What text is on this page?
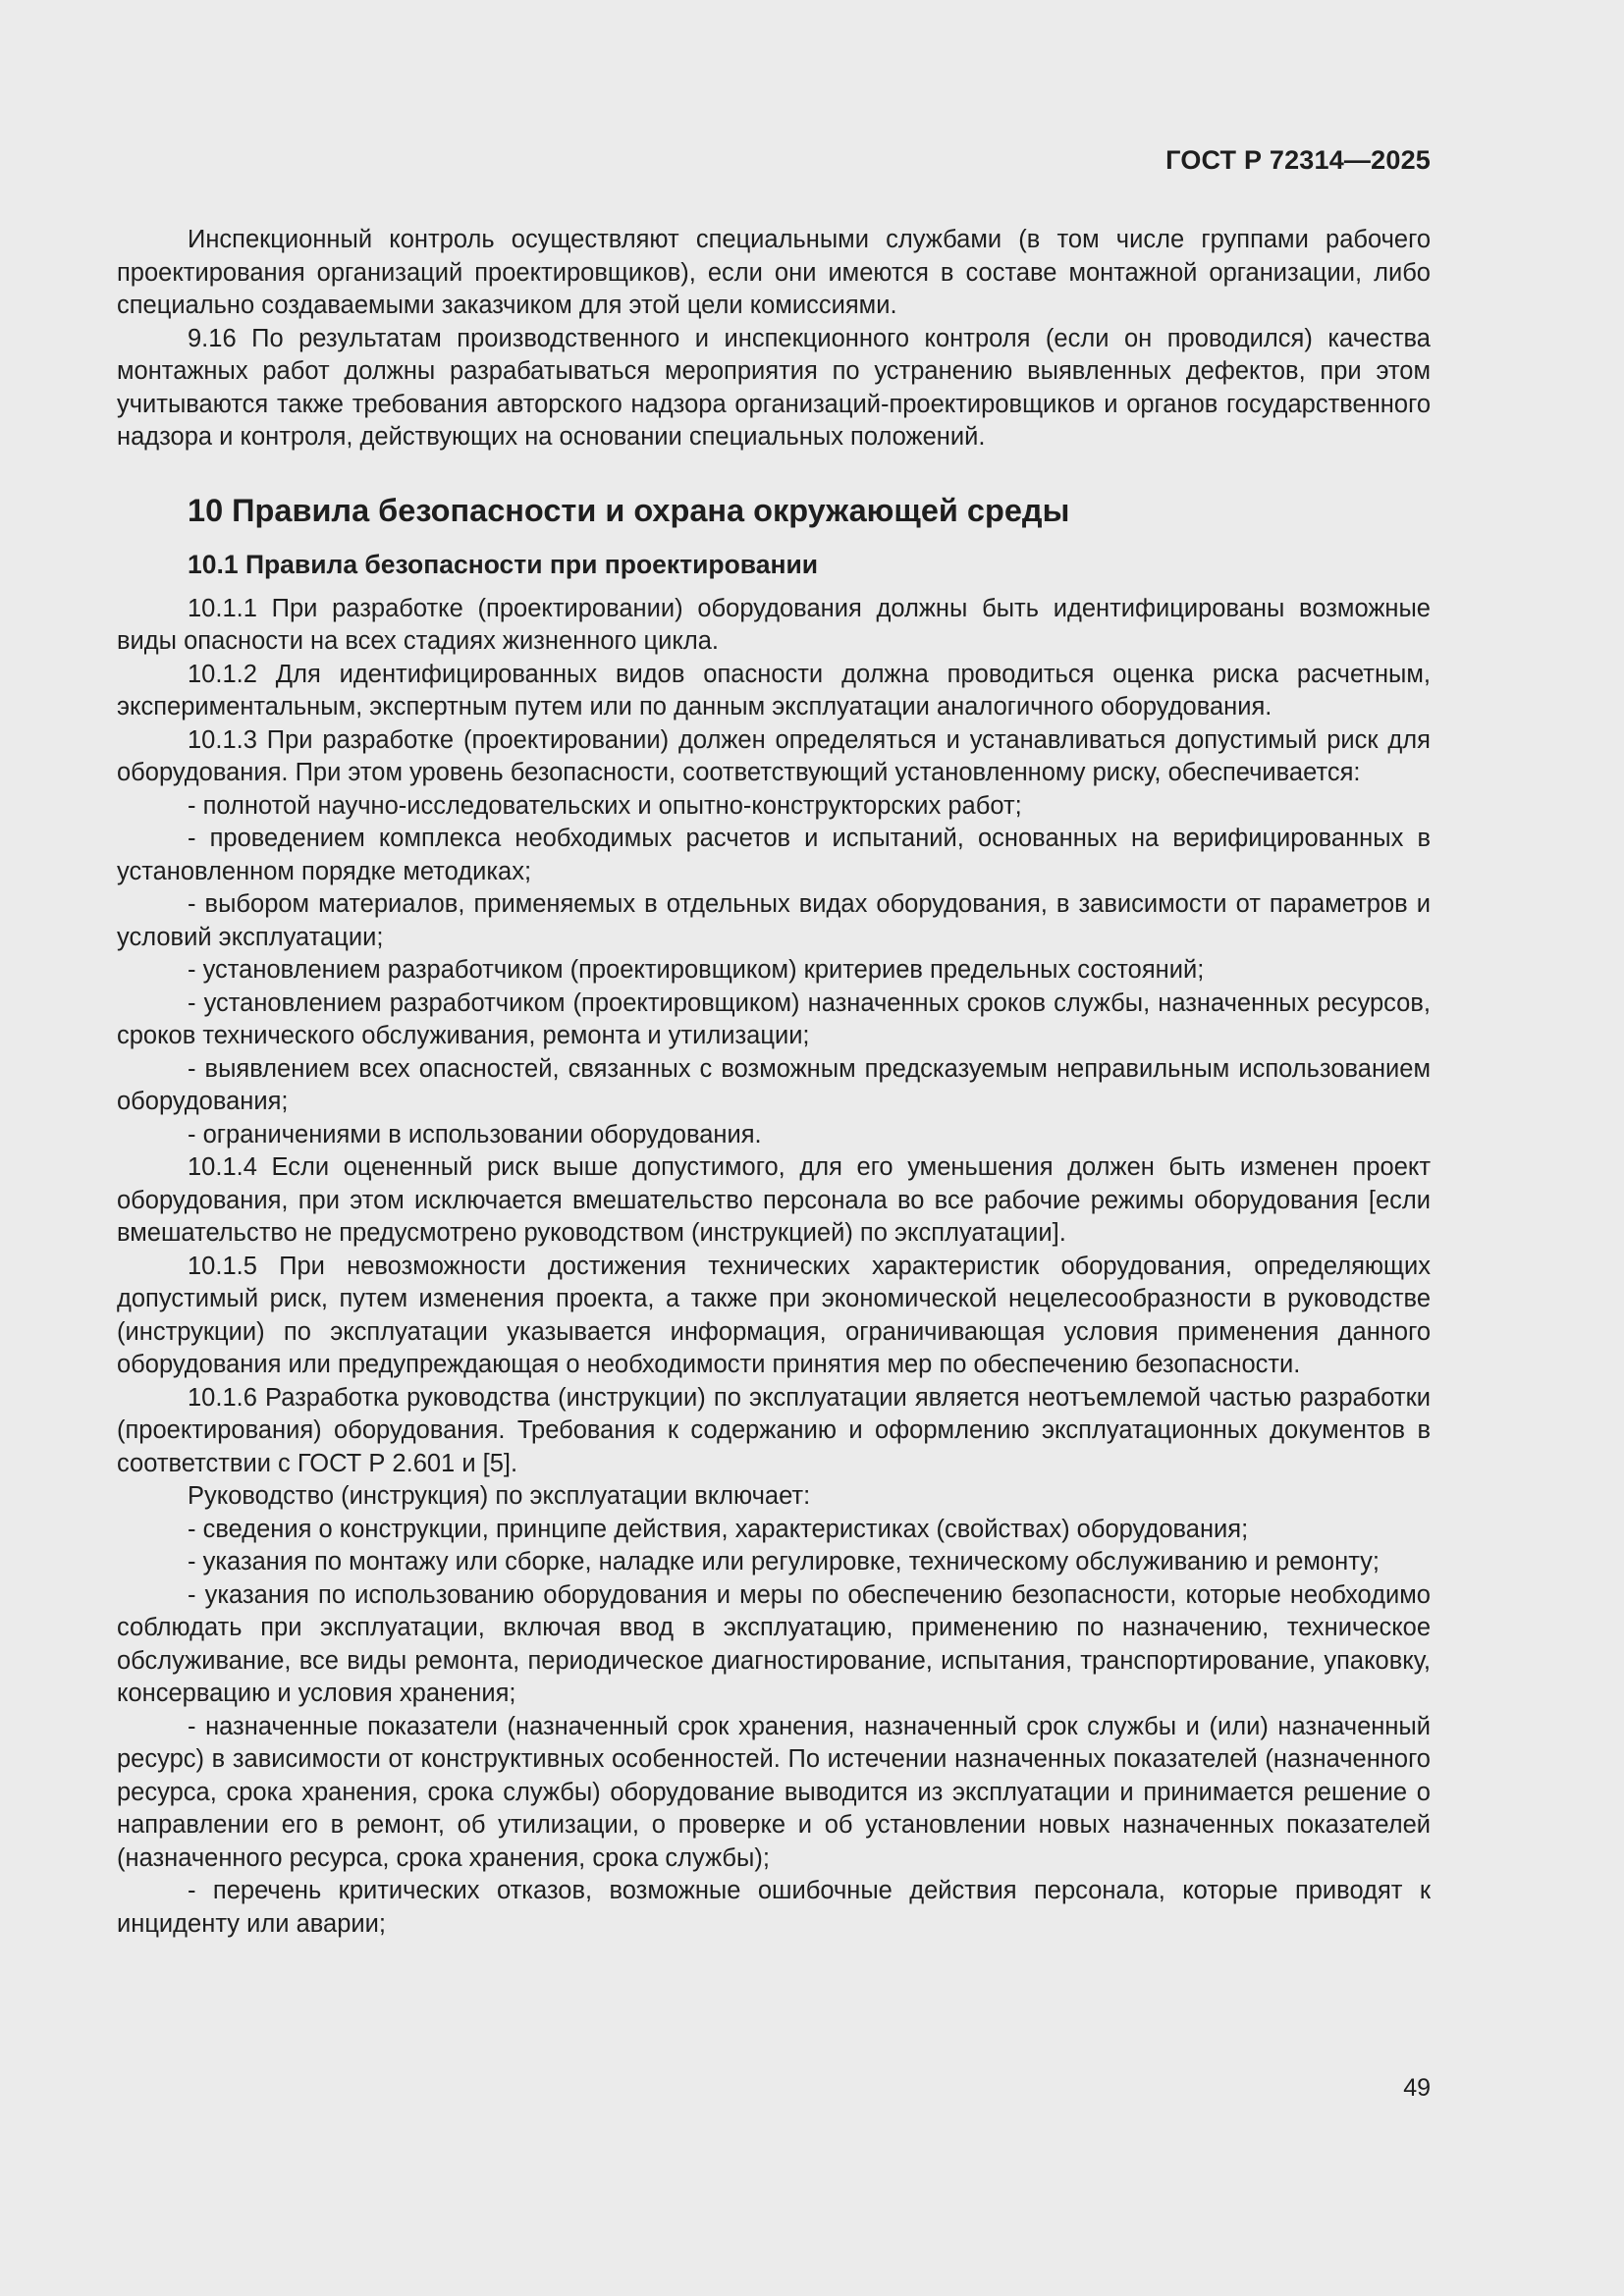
ГОСТ Р 72314—2025

Инспекционный контроль осуществляют специальными службами (в том числе группами рабочего проектирования организаций проектировщиков), если они имеются в составе монтажной организации, либо специально создаваемыми заказчиком для этой цели комиссиями.

9.16 По результатам производственного и инспекционного контроля (если он проводился) качества монтажных работ должны разрабатываться мероприятия по устранению выявленных дефектов, при этом учитываются также требования авторского надзора организаций-проектировщиков и органов государственного надзора и контроля, действующих на основании специальных положений.

10 Правила безопасности и охрана окружающей среды
10.1 Правила безопасности при проектировании

10.1.1 При разработке (проектировании) оборудования должны быть идентифицированы возможные виды опасности на всех стадиях жизненного цикла.

10.1.2 Для идентифицированных видов опасности должна проводиться оценка риска расчетным, экспериментальным, экспертным путем или по данным эксплуатации аналогичного оборудования.

10.1.3 При разработке (проектировании) должен определяться и устанавливаться допустимый риск для оборудования. При этом уровень безопасности, соответствующий установленному риску, обеспечивается:

- полнотой научно-исследовательских и опытно-конструкторских работ;

- проведением комплекса необходимых расчетов и испытаний, основанных на верифицированных в установленном порядке методиках;

- выбором материалов, применяемых в отдельных видах оборудования, в зависимости от параметров и условий эксплуатации;

- установлением разработчиком (проектировщиком) критериев предельных состояний;

- установлением разработчиком (проектировщиком) назначенных сроков службы, назначенных ресурсов, сроков технического обслуживания, ремонта и утилизации;

- выявлением всех опасностей, связанных с возможным предсказуемым неправильным использованием оборудования;

- ограничениями в использовании оборудования.

10.1.4 Если оцененный риск выше допустимого, для его уменьшения должен быть изменен проект оборудования, при этом исключается вмешательство персонала во все рабочие режимы оборудования [если вмешательство не предусмотрено руководством (инструкцией) по эксплуатации].

10.1.5 При невозможности достижения технических характеристик оборудования, определяющих допустимый риск, путем изменения проекта, а также при экономической нецелесообразности в руководстве (инструкции) по эксплуатации указывается информация, ограничивающая условия применения данного оборудования или предупреждающая о необходимости принятия мер по обеспечению безопасности.

10.1.6 Разработка руководства (инструкции) по эксплуатации является неотъемлемой частью разработки (проектирования) оборудования. Требования к содержанию и оформлению эксплуатационных документов в соответствии с ГОСТ Р 2.601 и [5].

Руководство (инструкция) по эксплуатации включает:

- сведения о конструкции, принципе действия, характеристиках (свойствах) оборудования;

- указания по монтажу или сборке, наладке или регулировке, техническому обслуживанию и ремонту;

- указания по использованию оборудования и меры по обеспечению безопасности, которые необходимо соблюдать при эксплуатации, включая ввод в эксплуатацию, применению по назначению, техническое обслуживание, все виды ремонта, периодическое диагностирование, испытания, транспортирование, упаковку, консервацию и условия хранения;

- назначенные показатели (назначенный срок хранения, назначенный срок службы и (или) назначенный ресурс) в зависимости от конструктивных особенностей. По истечении назначенных показателей (назначенного ресурса, срока хранения, срока службы) оборудование выводится из эксплуатации и принимается решение о направлении его в ремонт, об утилизации, о проверке и об установлении новых назначенных показателей (назначенного ресурса, срока хранения, срока службы);

- перечень критических отказов, возможные ошибочные действия персонала, которые приводят к инциденту или аварии;

49
